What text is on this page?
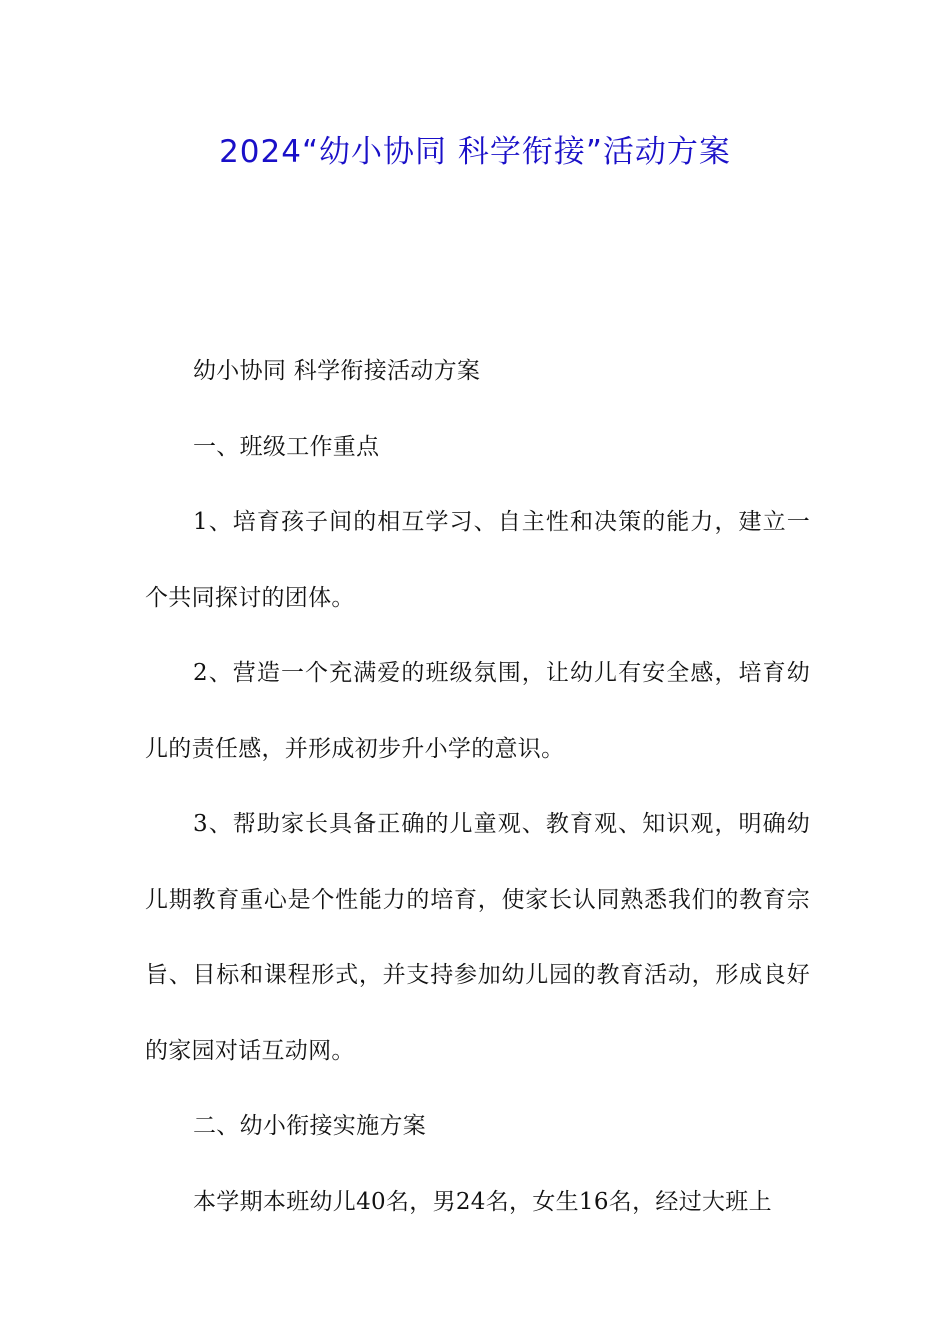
2024“幼小协同 科学衔接”活动方案

幼小协同 科学衔接活动方案

一、班级工作重点

1、培育孩子间的相互学习、自主性和决策的能力，建立一个共同探讨的团体。

2、营造一个充满爱的班级氛围，让幼儿有安全感，培育幼儿的责任感，并形成初步升小学的意识。

3、帮助家长具备正确的儿童观、教育观、知识观，明确幼儿期教育重心是个性能力的培育，使家长认同熟悉我们的教育宗旨、目标和课程形式，并支持参加幼儿园的教育活动，形成良好的家园对话互动网。

二、幼小衔接实施方案

本学期本班幼儿40名，男24名，女生16名，经过大班上
